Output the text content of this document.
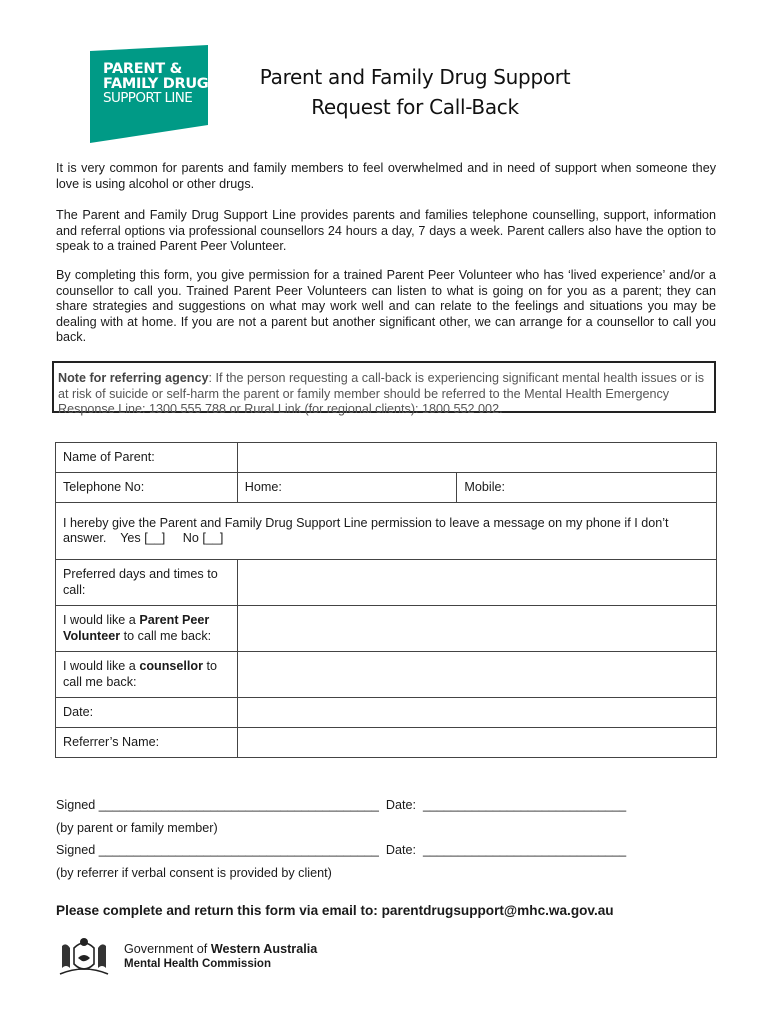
PARENT &
FAMILY DRUG
SUPPORT LINE
Parent and Family Drug Support
Request for Call-Back

It is very common for parents and family members to feel overwhelmed and in need of support when someone they love is using alcohol or other drugs.

The Parent and Family Drug Support Line provides parents and families telephone counselling, support, information and referral options via professional counsellors 24 hours a day, 7 days a week. Parent callers also have the option to speak to a trained Parent Peer Volunteer.

By completing this form, you give permission for a trained Parent Peer Volunteer who has ‘lived experience’ and/or a counsellor to call you. Trained Parent Peer Volunteers can listen to what is going on for you as a parent; they can share strategies and suggestions on what may work well and can relate to the feelings and situations you may be dealing with at home. If you are not a parent but another significant other, we can arrange for a counsellor to call you back.

Note for referring agency: If the person requesting a call-back is experiencing significant mental health issues or is at risk of suicide or self-harm the parent or family member should be referred to the Mental Health Emergency Response Line: 1300 555 788 or Rural Link (for regional clients): 1800 552 002.
Name of Parent:		
Telephone No:	Home:	Mobile:
I hereby give the Parent and Family Drug Support Line permission to leave a message on my phone if I don’t answer. Yes [__] No [__]		
Preferred days and times to call:		
I would like a Parent Peer Volunteer to call me back:		
I would like a counsellor to call me back:		
Date:		
Referrer’s Name:		
Signed ________________________________________  Date:  _____________________________
(by parent or family member)
Signed ________________________________________  Date:  _____________________________
(by referrer if verbal consent is provided by client)
Please complete and return this form via email to: parentdrugsupport@mhc.wa.gov.au
Government of Western Australia
Mental Health Commission
